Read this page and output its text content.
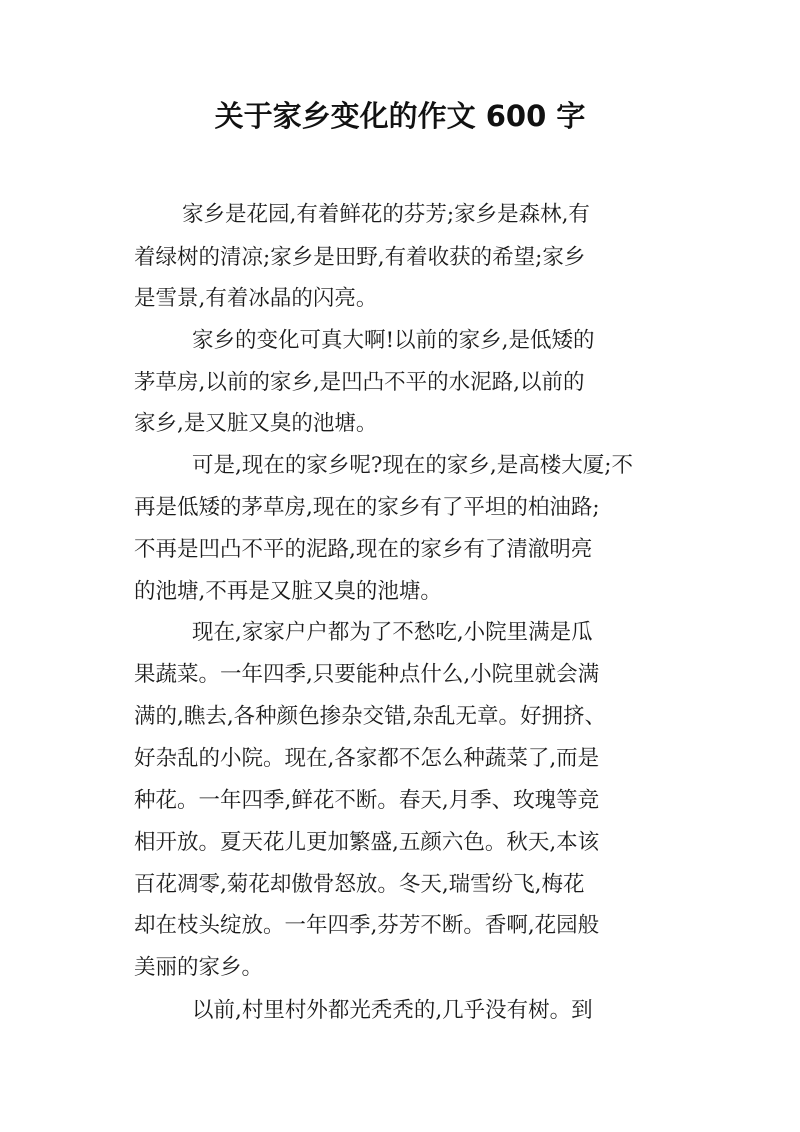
关于家乡变化的作文 600 字
家乡是花园,有着鲜花的芬芳;家乡是森林,有
着绿树的清凉;家乡是田野,有着收获的希望;家乡
是雪景,有着冰晶的闪亮。
家乡的变化可真大啊!以前的家乡,是低矮的
茅草房,以前的家乡,是凹凸不平的水泥路,以前的
家乡,是又脏又臭的池塘。
可是,现在的家乡呢?现在的家乡,是高楼大厦;不
再是低矮的茅草房,现在的家乡有了平坦的柏油路;
不再是凹凸不平的泥路,现在的家乡有了清澈明亮
的池塘,不再是又脏又臭的池塘。
现在,家家户户都为了不愁吃,小院里满是瓜
果蔬菜。一年四季,只要能种点什么,小院里就会满
满的,瞧去,各种颜色掺杂交错,杂乱无章。好拥挤、
好杂乱的小院。现在,各家都不怎么种蔬菜了,而是
种花。一年四季,鲜花不断。春天,月季、玫瑰等竞
相开放。夏天花儿更加繁盛,五颜六色。秋天,本该
百花凋零,菊花却傲骨怒放。冬天,瑞雪纷飞,梅花
却在枝头绽放。一年四季,芬芳不断。香啊,花园般
美丽的家乡。
以前,村里村外都光秃秃的,几乎没有树。到
